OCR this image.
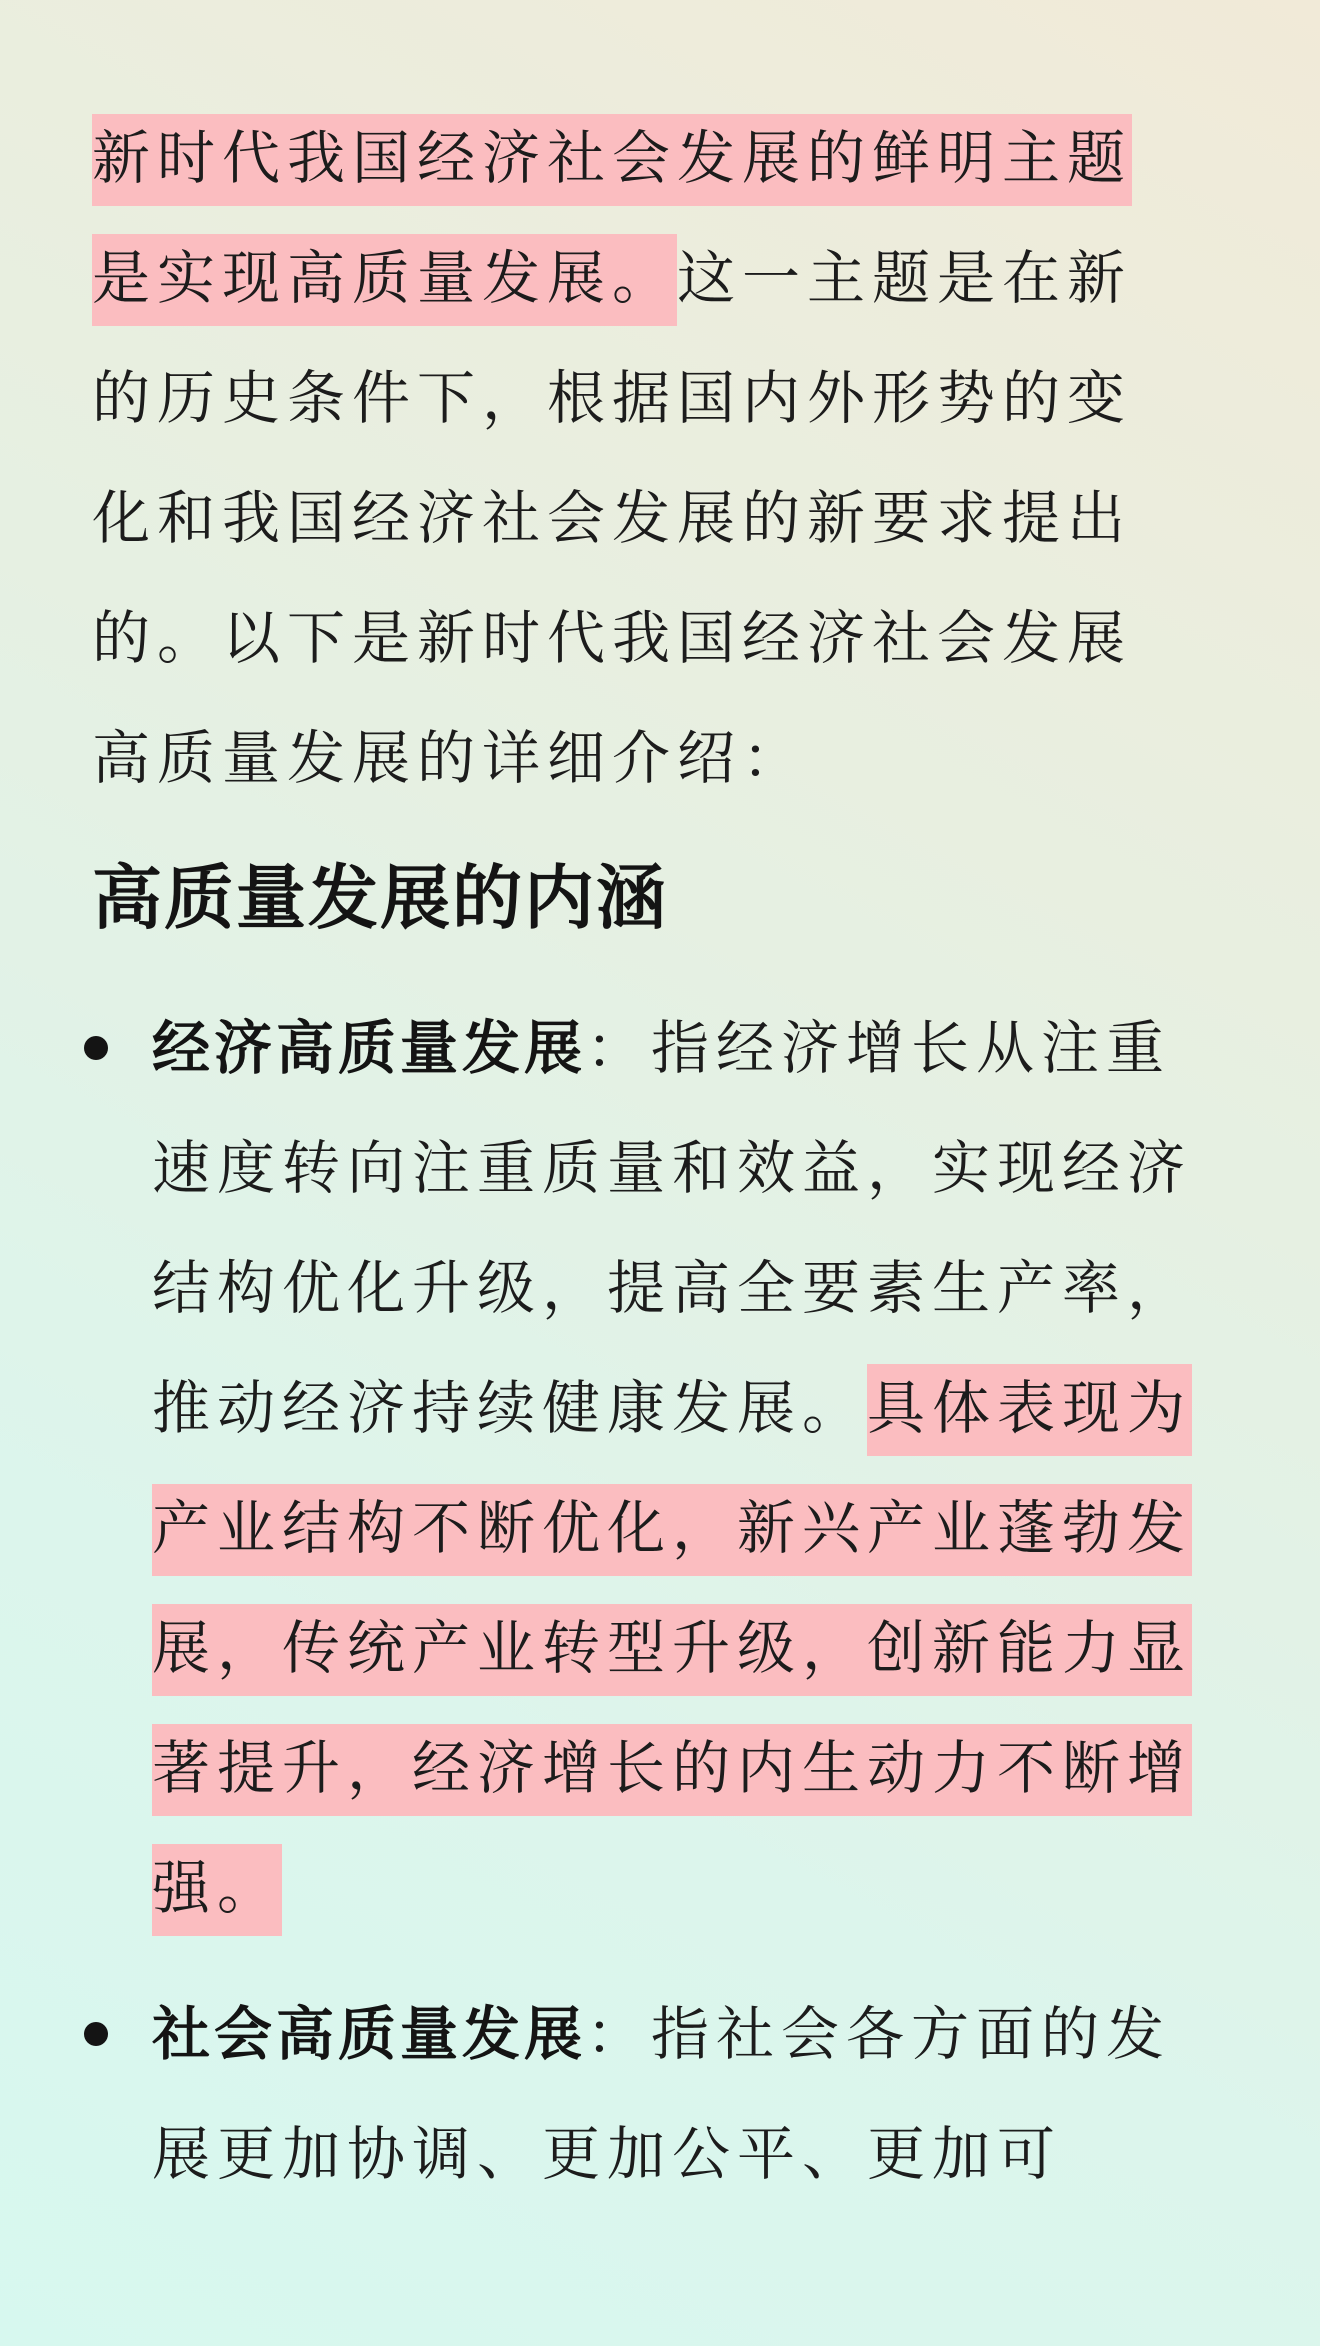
新时代我国经济社会发展的鲜明主题是实现高质量发展。这一主题是在新的历史条件下，根据国内外形势的变化和我国经济社会发展的新要求提出的。以下是新时代我国经济社会发展高质量发展的详细介绍：

高质量发展的内涵
经济高质量发展：指经济增长从注重速度转向注重质量和效益，实现经济结构优化升级，提高全要素生产率，推动经济持续健康发展。具体表现为产业结构不断优化，新兴产业蓬勃发展，传统产业转型升级，创新能力显著提升，经济增长的内生动力不断增强。
社会高质量发展：指社会各方面的发展更加协调、更加公平、更加可
